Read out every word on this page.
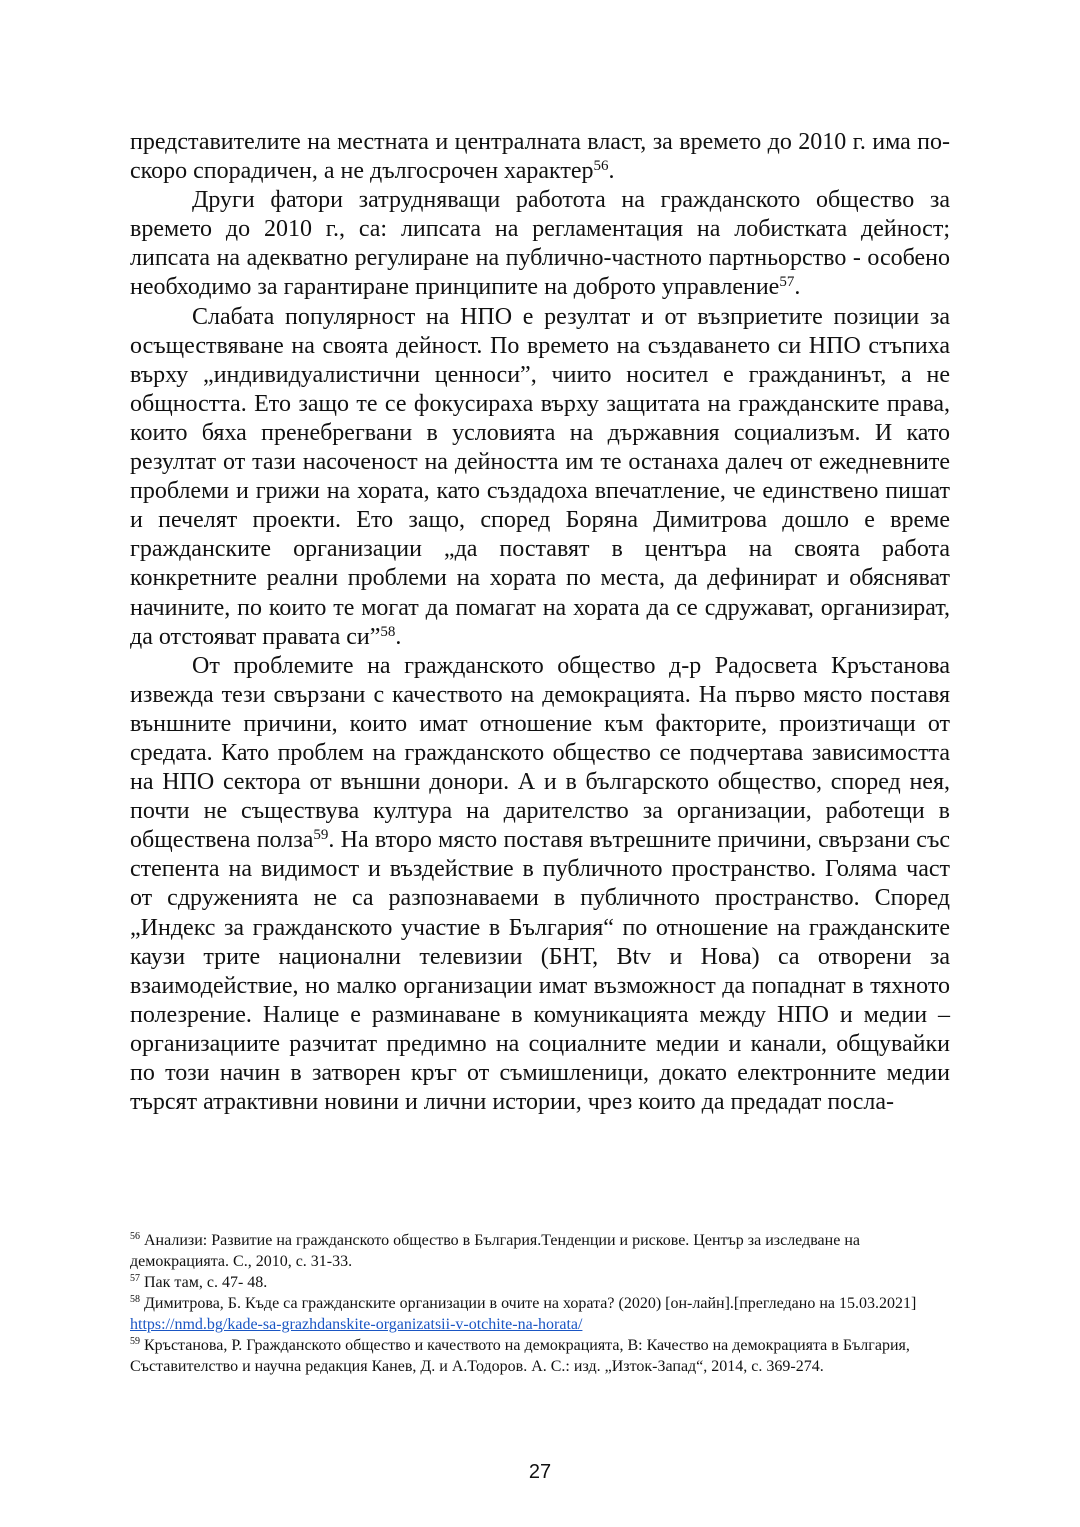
представителите на местната и централната власт, за времето до 2010 г. има по-скоро спорадичен, а не дългосрочен характер$^{56}$.

Други фатори затрудняващи работота на гражданското общество за времето до 2010 г., са: липсата на регламентация на лобистката дейност; липсата на адекватно регулиране на публично-частното партньорство - особено необходимо за гарантиране принципите на доброто управление$^{57}$.

Слабата популярност на НПО е резултат и от възприетите позиции за осъществяване на своята дейност. По времето на създаването си НПО стъпиха върху „индивидуалистични ценноси”, чиито носител е гражданинът, а не общността. Ето защо те се фокусираха върху защитата на гражданските права, които бяха пренебрегвани в условията на държавния социализъм. И като резултат от тази насоченост на дейността им те останаха далеч от ежедневните проблеми и грижи на хората, като създадоха впечатление, че единствено пишат и печелят проекти. Ето защо, според Боряна Димитрова дошло е време гражданските организации „да поставят в центъра на своята работа конкретните реални проблеми на хората по места, да дефинират и обясняват начините, по които те могат да помагат на хората да се сдружават, организират, да отстояват правата си”$^{58}$.

От проблемите на гражданското общество д-р Радосвета Кръстанова извежда тези свързани с качеството на демокрацията. На първо място поставя външните причини, които имат отношение към факторите, произтичащи от средата. Като проблем на гражданското общество се подчертава зависимостта на НПО сектора от външни донори. А и в българското общество, според нея, почти не съществува култура на дарителство за организации, работещи в обществена полза$^{59}$. На второ място поставя вътрешните причини, свързани със степента на видимост и въздействие в публичното пространство. Голяма част от сдруженията не са разпознаваеми в публичното пространство. Според „Индекс за гражданското участие в България“ по отношение на гражданските каузи трите национални телевизии (БНТ, Btv и Нова) са отворени за взаимодействие, но малко организации имат възможност да попаднат в тяхното полезрение. Налице е разминаване в комуникацията между НПО и медии – организациите разчитат предимно на социалните медии и канали, общувайки по този начин в затворен кръг от съмишленици, докато електронните медии търсят атрактивни новини и лични истории, чрез които да предадат посла-

$^{56}$ Анализи: Развитие на гражданското общество в България.Тенденции и рискове. Център за изследване на демокрацията. С., 2010, с. 31-33.

$^{57}$ Пак там, с. 47- 48.

$^{58}$ Димитрова, Б. Къде са гражданските организации в очите на хората? (2020) [он-лайн].[прегледано на 15.03.2021] https://nmd.bg/kade-sa-grazhdanskite-organizatsii-v-otchite-na-horata/

$^{59}$ Кръстанова, Р. Гражданското общество и качеството на демокрацията, В: Качество на демокрацията в България, Съставителство и научна редакция Канев, Д. и А.Тодоров. А. С.: изд. „Изток-Запад“, 2014, с. 369-274.

27
